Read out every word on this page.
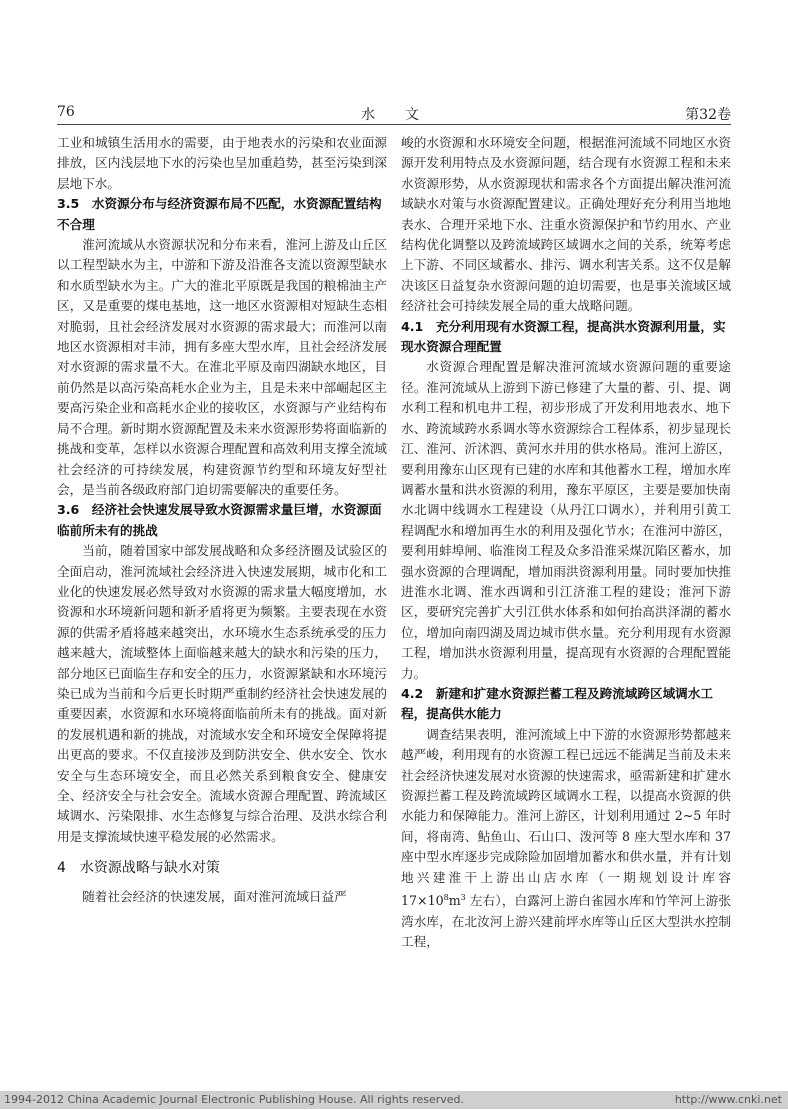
76	水　文	第32卷

工业和城镇生活用水的需要，由于地表水的污染和农业面源排放，区内浅层地下水的污染也呈加重趋势，甚至污染到深层地下水。

3.5　水资源分布与经济资源布局不匹配，水资源配置结构不合理

淮河流域从水资源状况和分布来看，淮河上游及山丘区以工程型缺水为主，中游和下游及沿淮各支流以资源型缺水和水质型缺水为主。广大的淮北平原既是我国的粮棉油主产区，又是重要的煤电基地，这一地区水资源相对短缺生态相对脆弱，且社会经济发展对水资源的需求最大；而淮河以南地区水资源相对丰沛，拥有多座大型水库，且社会经济发展对水资源的需求量不大。在淮北平原及南四湖缺水地区，目前仍然是以高污染高耗水企业为主，且是未来中部崛起区主要高污染企业和高耗水企业的接收区，水资源与产业结构布局不合理。新时期水资源配置及未来水资源形势将面临新的挑战和变革，怎样以水资源合理配置和高效利用支撑全流域社会经济的可持续发展，构建资源节约型和环境友好型社会，是当前各级政府部门迫切需要解决的重要任务。

3.6　经济社会快速发展导致水资源需求量巨增，水资源面临前所未有的挑战

当前，随着国家中部发展战略和众多经济圈及试验区的全面启动，淮河流域社会经济进入快速发展期，城市化和工业化的快速发展必然导致对水资源的需求量大幅度增加，水资源和水环境新问题和新矛盾将更为频繁。主要表现在水资源的供需矛盾将越来越突出，水环境水生态系统承受的压力越来越大，流域整体上面临越来越大的缺水和污染的压力，部分地区已面临生存和安全的压力，水资源紧缺和水环境污染已成为当前和今后更长时期严重制约经济社会快速发展的重要因素，水资源和水环境将面临前所未有的挑战。面对新的发展机遇和新的挑战，对流域水安全和环境安全保障将提出更高的要求。不仅直接涉及到防洪安全、供水安全、饮水安全与生态环境安全，而且必然关系到粮食安全、健康安全、经济安全与社会安全。流域水资源合理配置、跨流域区域调水、污染限排、水生态修复与综合治理、及洪水综合利用是支撑流域快速平稳发展的必然需求。

4　水资源战略与缺水对策

随着社会经济的快速发展，面对淮河流域日益严

峻的水资源和水环境安全问题，根据淮河流域不同地区水资源开发利用特点及水资源问题，结合现有水资源工程和未来水资源形势，从水资源现状和需求各个方面提出解决淮河流域缺水对策与水资源配置建议。正确处理好充分利用当地地表水、合理开采地下水、注重水资源保护和节约用水、产业结构优化调整以及跨流域跨区域调水之间的关系，统筹考虑上下游、不同区域蓄水、排污、调水利害关系。这不仅是解决该区日益复杂水资源问题的迫切需要，也是事关流域区域经济社会可持续发展全局的重大战略问题。

4.1　充分利用现有水资源工程，提高洪水资源利用量，实现水资源合理配置

水资源合理配置是解决淮河流域水资源问题的重要途径。淮河流域从上游到下游已修建了大量的蓄、引、提、调水利工程和机电井工程，初步形成了开发利用地表水、地下水、跨流域跨水系调水等水资源综合工程体系，初步显现长江、淮河、沂沭泗、黄河水并用的供水格局。淮河上游区，要利用豫东山区现有已建的水库和其他蓄水工程，增加水库调蓄水量和洪水资源的利用，豫东平原区，主要是要加快南水北调中线调水工程建设（从丹江口调水），并利用引黄工程调配水和增加再生水的利用及强化节水；在淮河中游区，要利用蚌埠闸、临淮岗工程及众多沿淮采煤沉陷区蓄水，加强水资源的合理调配，增加雨洪资源利用量。同时要加快推进淮水北调、淮水西调和引江济淮工程的建设；淮河下游区，要研究完善扩大引江供水体系和如何抬高洪泽湖的蓄水位，增加向南四湖及周边城市供水量。充分利用现有水资源工程，增加洪水资源利用量，提高现有水资源的合理配置能力。

4.2　新建和扩建水资源拦蓄工程及跨流域跨区域调水工程，提高供水能力

调查结果表明，淮河流域上中下游的水资源形势都越来越严峻，利用现有的水资源工程已远远不能满足当前及未来社会经济快速发展对水资源的快速需求，亟需新建和扩建水资源拦蓄工程及跨流域跨区域调水工程，以提高水资源的供水能力和保障能力。淮河上游区，计划利用通过 2~5 年时间，将南湾、鲇鱼山、石山口、泼河等 8 座大型水库和 37 座中型水库逐步完成除险加固增加蓄水和供水量，并有计划地兴建淮干上游出山店水库（一期规划设计库容 $17\times 10^8m^3$ 左右），白露河上游白雀园水库和竹竿河上游张湾水库，在北汝河上游兴建前坪水库等山丘区大型洪水控制工程，

1994-2012 China Academic Journal Electronic Publishing House. All rights reserved.	http://www.cnki.net
